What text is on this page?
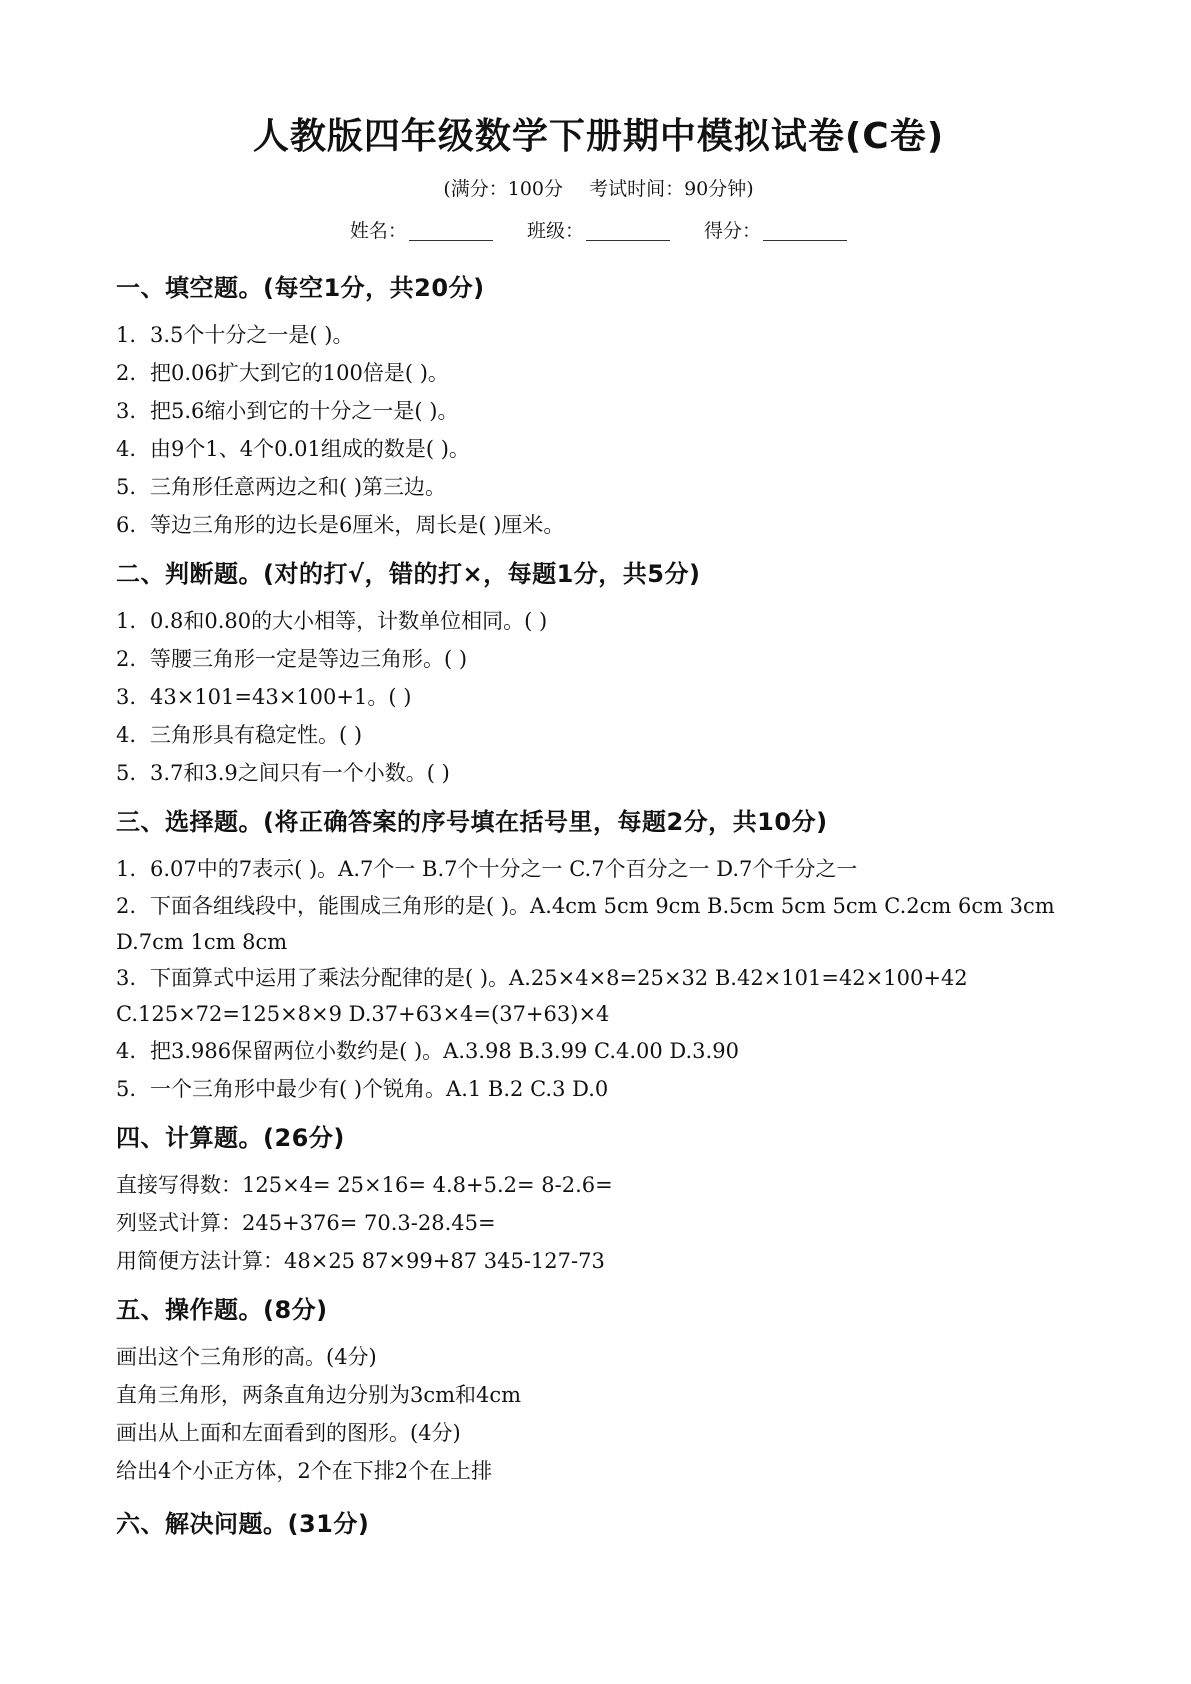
人教版四年级数学下册期中模拟试卷(C卷)
(满分：100分 考试时间：90分钟)
姓名：	班级：	得分：
一、填空题。(每空1分，共20分)
1. 3.5个十分之一是( )。
2. 把0.06扩大到它的100倍是( )。
3. 把5.6缩小到它的十分之一是( )。
4. 由9个1、4个0.01组成的数是( )。
5. 三角形任意两边之和( )第三边。
6. 等边三角形的边长是6厘米，周长是( )厘米。
二、判断题。(对的打√，错的打×，每题1分，共5分)
1. 0.8和0.80的大小相等，计数单位相同。( )
2. 等腰三角形一定是等边三角形。( )
3. 43×101=43×100+1。( )
4. 三角形具有稳定性。( )
5. 3.7和3.9之间只有一个小数。( )
三、选择题。(将正确答案的序号填在括号里，每题2分，共10分)
1. 6.07中的7表示( )。A.7个一 B.7个十分之一 C.7个百分之一 D.7个千分之一
2. 下面各组线段中，能围成三角形的是( )。A.4cm 5cm 9cm B.5cm 5cm 5cm C.2cm 6cm 3cm D.7cm 1cm 8cm
3. 下面算式中运用了乘法分配律的是( )。A.25×4×8=25×32 B.42×101=42×100+42 C.125×72=125×8×9 D.37+63×4=(37+63)×4
4. 把3.986保留两位小数约是( )。A.3.98 B.3.99 C.4.00 D.3.90
5. 一个三角形中最少有( )个锐角。A.1 B.2 C.3 D.0
四、计算题。(26分)

直接写得数：125×4= 25×16= 4.8+5.2= 8-2.6=

列竖式计算：245+376= 70.3-28.45=

用简便方法计算：48×25 87×99+87 345-127-73

五、操作题。(8分)

画出这个三角形的高。(4分)

直角三角形，两条直角边分别为3cm和4cm

画出从上面和左面看到的图形。(4分)

给出4个小正方体，2个在下排2个在上排

六、解决问题。(31分)
